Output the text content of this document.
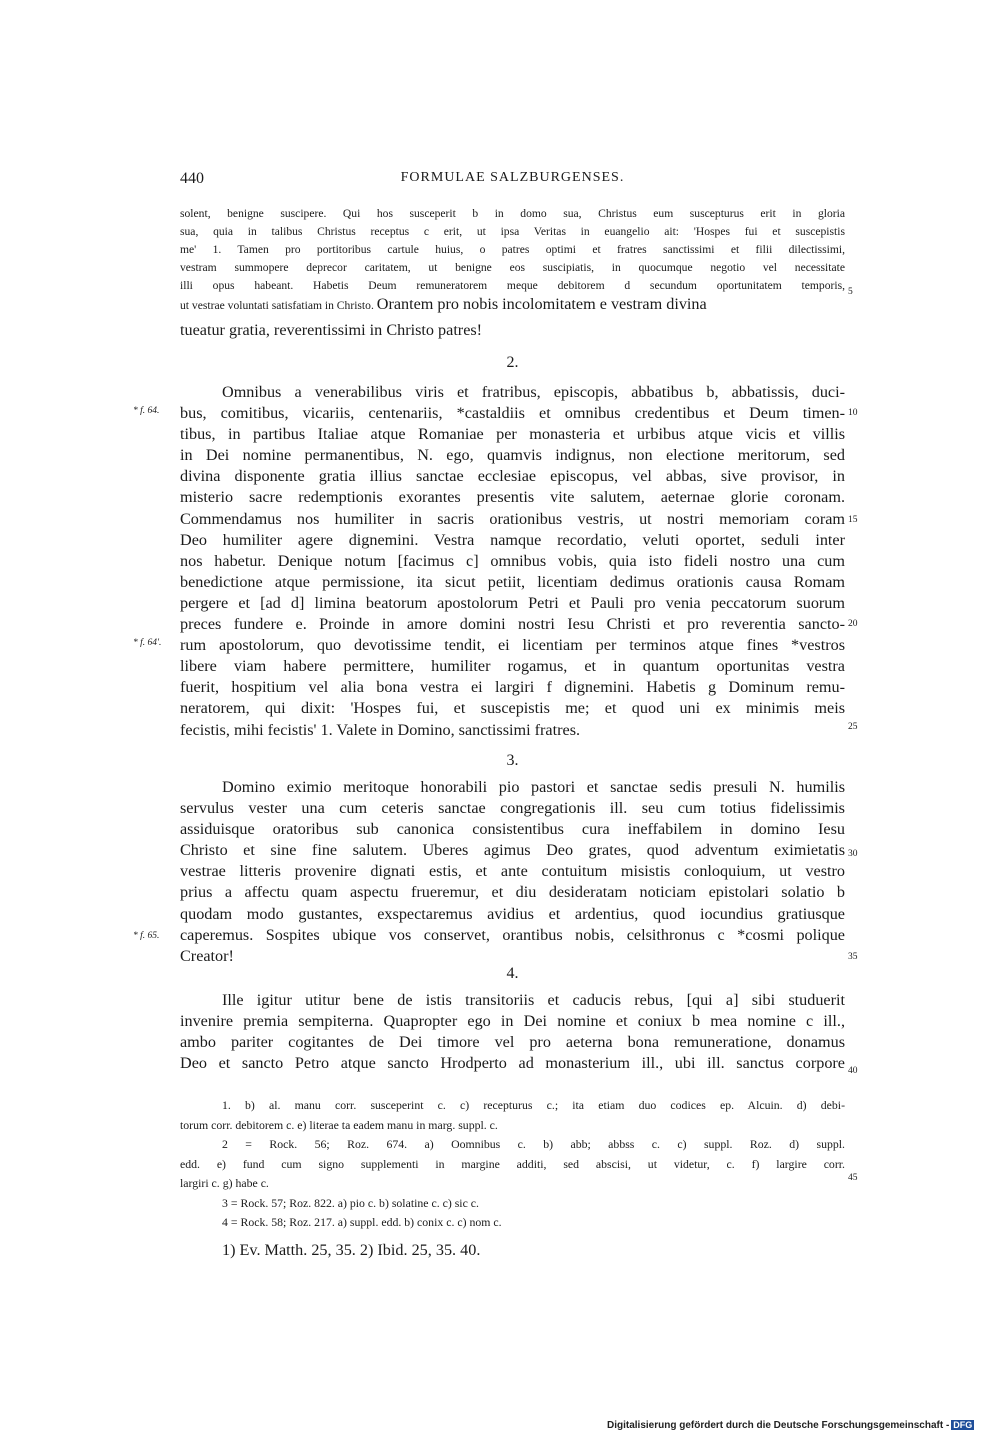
440	FORMULAE SALZBURGENSES.
solent, benigne suscipere. Qui hos susceperit b in domo sua, Christus eum suscepturus erit in gloria
sua, quia in talibus Christus receptus c erit, ut ipsa Veritas in euangelio ait: 'Hospes fui et suscepistis
me' 1. Tamen pro portitoribus cartule huius, o patres optimi et fratres sanctissimi et filii dilectissimi,
vestram summopere deprecor caritatem, ut benigne eos suscipiatis, in quocumque negotio vel necessitate
illi opus habeant. Habetis Deum remuneratorem meque debitorem d secundum oportunitatem temporis,
ut vestrae voluntati satisfatiam in Christo. Orantem pro nobis incolomitatem e vestram divina
tueatur gratia, reverentissimi in Christo patres!
2.
Omnibus a venerabilibus viris et fratribus, episcopis, abbatibus b, abbatissis, duci-
bus, comitibus, vicariis, centenariis, *castaldiis et omnibus credentibus et Deum timen-
tibus, in partibus Italiae atque Romaniae per monasteria et urbibus atque vicis et villis
in Dei nomine permanentibus, N. ego, quamvis indignus, non electione meritorum, sed
divina disponente gratia illius sanctae ecclesiae episcopus, vel abbas, sive provisor, in
misterio sacre redemptionis exorantes presentis vite salutem, aeternae glorie coronam.
Commendamus nos humiliter in sacris orationibus vestris, ut nostri memoriam coram
Deo humiliter agere dignemini. Vestra namque recordatio, veluti oportet, seduli inter
nos habetur. Denique notum [facimus c] omnibus vobis, quia isto fideli nostro una cum
benedictione atque permissione, ita sicut petiit, licentiam dedimus orationis causa Romam
pergere et [ad d] limina beatorum apostolorum Petri et Pauli pro venia peccatorum suorum
preces fundere e. Proinde in amore domini nostri Iesu Christi et pro reverentia sancto-
rum apostolorum, quo devotissime tendit, ei licentiam per terminos atque fines *vestros
libere viam habere permittere, humiliter rogamus, et in quantum oportunitas vestra
fuerit, hospitium vel alia bona vestra ei largiri f dignemini. Habetis g Dominum remu-
neratorem, qui dixit: 'Hospes fui, et suscepistis me; et quod uni ex minimis meis
fecistis, mihi fecistis' 1. Valete in Domino, sanctissimi fratres.
3.
Domino eximio meritoque honorabili pio pastori et sanctae sedis presuli N. humilis
servulus vester una cum ceteris sanctae congregationis ill. seu cum totius fidelissimis
assiduisque oratoribus sub canonica consistentibus cura ineffabilem in domino Iesu
Christo et sine fine salutem. Uberes agimus Deo grates, quod adventum eximietatis
vestrae litteris provenire dignati estis, et ante contuitum misistis conloquium, ut vestro
prius a affectu quam aspectu frueremur, et diu desideratam noticiam epistolari solatio b
quodam modo gustantes, exspectaremus avidius et ardentius, quod iocundius gratiusque
caperemus. Sospites ubique vos conservet, orantibus nobis, celsithronus c *cosmi polique
Creator!
4.
Ille igitur utitur bene de istis transitoriis et caducis rebus, [qui a] sibi studuerit
invenire premia sempiterna. Quapropter ego in Dei nomine et coniux b mea nomine c ill.,
ambo pariter cogitantes de Dei timore vel pro aeterna bona remuneratione, donamus
Deo et sancto Petro atque sancto Hrodperto ad monasterium ill., ubi ill. sanctus corpore
* f. 64.
* f. 64'.
* f. 65.
5
10
15
20
25
30
35
40
45
1. b) al. manu corr. susceperint c. c) recepturus c.; ita etiam duo codices ep. Alcuin. d) debi-
torum corr. debitorem c. e) literae ta eadem manu in marg. suppl. c.
2 = Rock. 56; Roz. 674. a) Oomnibus c. b) abb; abbss c. c) suppl. Roz. d) suppl.
edd. e) fund cum signo supplementi in margine additi, sed abscisi, ut videtur, c. f) largire corr.
largiri c. g) habe c.
3 = Rock. 57; Roz. 822. a) pio c. b) solatine c. c) sic c.
4 = Rock. 58; Roz. 217. a) suppl. edd. b) conix c. c) nom c.
1) Ev. Matth. 25, 35. 2) Ibid. 25, 35. 40.
Digitalisierung gefördert durch die Deutsche Forschungsgemeinschaft - DFG
